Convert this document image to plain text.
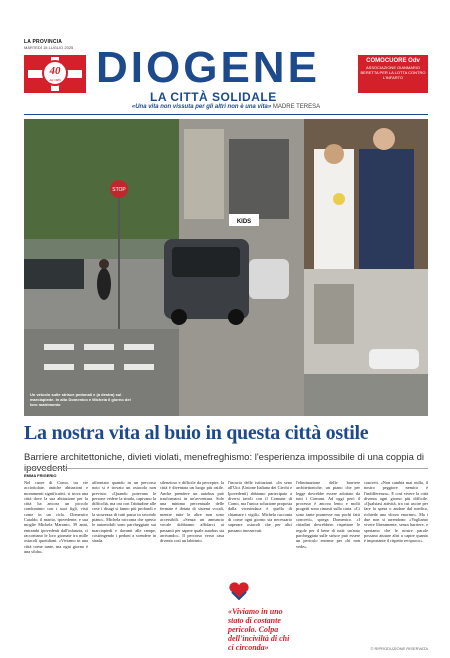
LA PROVINCIA
MARTEDÌ 15 LUGLIO 2025
40
dal 1985 DIOGENE
LA CITTÀ SOLIDALE
COMOCUORE Odv
ASSOCIAZIONE GIANMARIO BERETTA PER LA LOTTA CONTRO L'INFARTO
«Una vita non vissuta per gli altri non è una vita» MADRE TERESA
STOP
KIDS
Un veicolo sulle strisce pedonali e (a destra) sul marciapiede. In alto Domenico e Michela il giorno del loro matrimonio
La nostra vita al buio in questa città ostile
Barriere architettoniche, divieti violati, menefreghismo: l'esperienza impossibile di una coppia di
EMMA FRIGERIO
Nel cuore di Como, tra vie acciottolate, antiche abitazioni e monumenti significativi, si trova una città dove la sua abitazione per la città ha ancora un piccolo condominio con i suoi figli, visti come in un ciclo. Domenico Cataldo, il marito, ipovedente, e sua moglie Michela Marrano, 39 anni, entrambi ipovedenti dall'infanzia, ci raccontano le loro giornate tra mille ostacoli quotidiani. «Viviamo in una città come tante, ma ogni giorno è una sfida».
affrontato quando in un percorso noto si è trovato un ostacolo non previsto. «Quando potevano le persone vedere la strada, capivano la difficoltà, ma ora con l'abitudine alle cose i disagi si fanno più profondi e la sicurezza di tutti passa in secondo piano». Michela racconta che spesso le automobili sono parcheggiate sui marciapiedi e davanti alle rampe, costringendo i pedoni a scendere in strada.
silenzioso e difficile da percepire, la città è diventata un luogo più ostile. Anche prendere un autobus può trasformarsi in un'avventura. Solo una minima percentuale delle fermate è dotata di sistemi vocali, mentre tutte le altre non sono accessibili. «Senza un annuncio vocale dobbiamo affidarci ai passanti per sapere quale autobus sta arrivando». Il percorso verso casa diventa così un labirinto.
l'incuria delle istituzioni. «In seno all'Uici (Unione Italiana dei Ciechi e Ipovedenti) abbiamo partecipato a diversi tavoli con il Comune di Como, ma l'unica soluzione proposta dalla vicesindaca è quella di chiamare i vigili». Michela racconta di come ogni giorno sia necessario superare ostacoli che per altri passano inosservati.
l'eliminazione delle barriere architettoniche, un piano che per legge dovrebbe essere adottato da tutti i Comuni. Ad oggi però il processo è ancora lento e molti progetti sono rimasti sulla carta. «Ci sono tante promesse ma pochi fatti concreti», spiega Domenico. «I cittadini dovrebbero rispettare le regole per il bene di tutti: un'auto parcheggiata sulle strisce può essere un pericolo enorme per chi non vede».
concreti. «Non cambia mai nulla, il nostro peggiore nemico è l'indifferenza». E così vivere la città diventa ogni giorno più difficile. «Qualsiasi attività, tra cui uscire per fare la spesa o andare dal medico, richiede uno sforzo enorme». Ma i due non si arrendono: «Vogliamo vivere liberamente, senza barriere, e speriamo che le nostre parole possano aiutare altri a capire quanto è importante il rispetto reciproco».
«Viviamo in uno stato di costante pericolo. Colpa dell'inciviltà di chi ci circonda»	© RIPRODUZIONE RISERVATA
